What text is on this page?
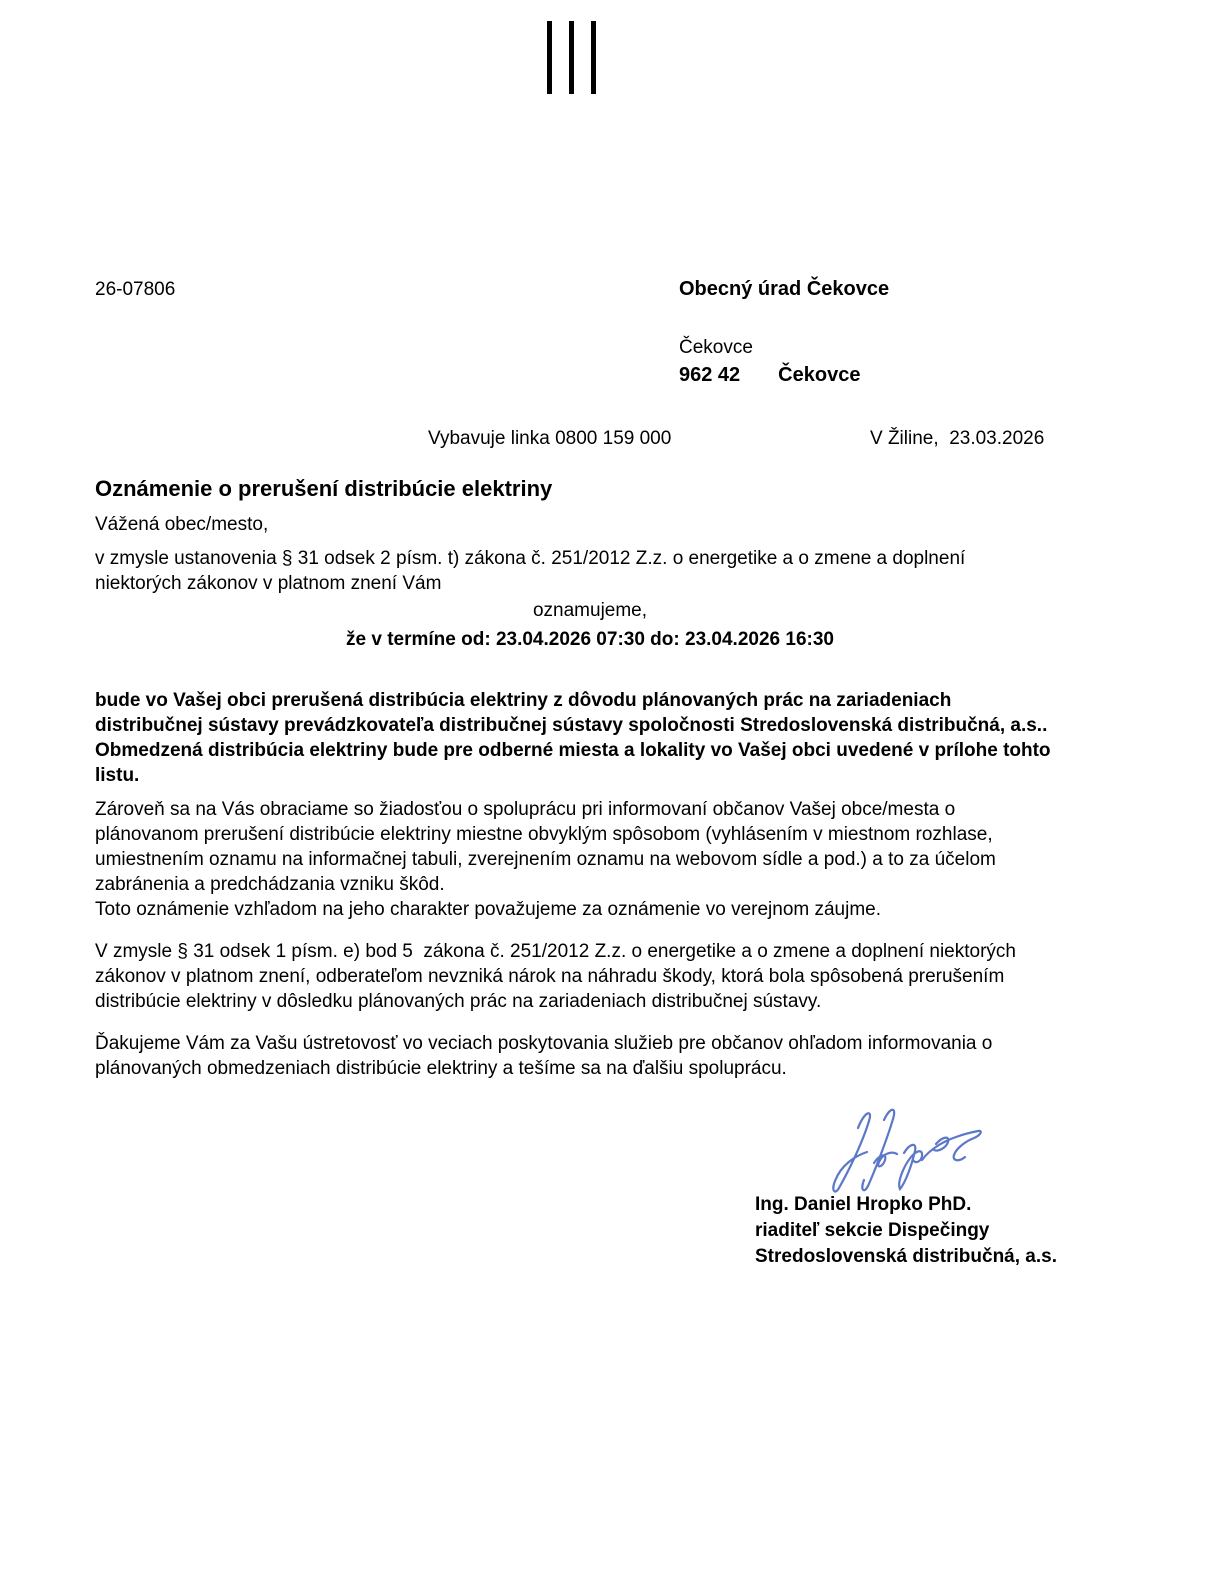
26-07806	Obecný úrad Čekovce
Čekovce
962 42 Čekovce
Vybavuje linka 0800 159 000	V Žiline,  23.03.2026
Oznámenie o prerušení distribúcie elektriny
Vážená obec/mesto,

v zmysle ustanovenia § 31 odsek 2 písm. t) zákona č. 251/2012 Z.z. o energetike a o zmene a doplnení niektorých zákonov v platnom znení Vám

oznamujeme,
že v termíne od: 23.04.2026 07:30 do: 23.04.2026 16:30

bude vo Vašej obci prerušená distribúcia elektriny z dôvodu plánovaných prác na zariadeniach distribučnej sústavy prevádzkovateľa distribučnej sústavy spoločnosti Stredoslovenská distribučná, a.s.. Obmedzená distribúcia elektriny bude pre odberné miesta a lokality vo Vašej obci uvedené v prílohe tohto listu.

Zároveň sa na Vás obraciame so žiadosťou o spoluprácu pri informovaní občanov Vašej obce/mesta o plánovanom prerušení distribúcie elektriny miestne obvyklým spôsobom (vyhlásením v miestnom rozhlase, umiestnením oznamu na informačnej tabuli, zverejnením oznamu na webovom sídle a pod.) a to za účelom zabránenia a predchádzania vzniku škôd.
Toto oznámenie vzhľadom na jeho charakter považujeme za oznámenie vo verejnom záujme.

V zmysle § 31 odsek 1 písm. e) bod 5  zákona č. 251/2012 Z.z. o energetike a o zmene a doplnení niektorých zákonov v platnom znení, odberateľom nevzniká nárok na náhradu škody, ktorá bola spôsobená prerušením distribúcie elektriny v dôsledku plánovaných prác na zariadeniach distribučnej sústavy.

Ďakujeme Vám za Vašu ústretovosť vo veciach poskytovania služieb pre občanov ohľadom informovania o plánovaných obmedzeniach distribúcie elektriny a tešíme sa na ďalšiu spoluprácu.

Ing. Daniel Hropko PhD.
riaditeľ sekcie Dispečingy
Stredoslovenská distribučná, a.s.
